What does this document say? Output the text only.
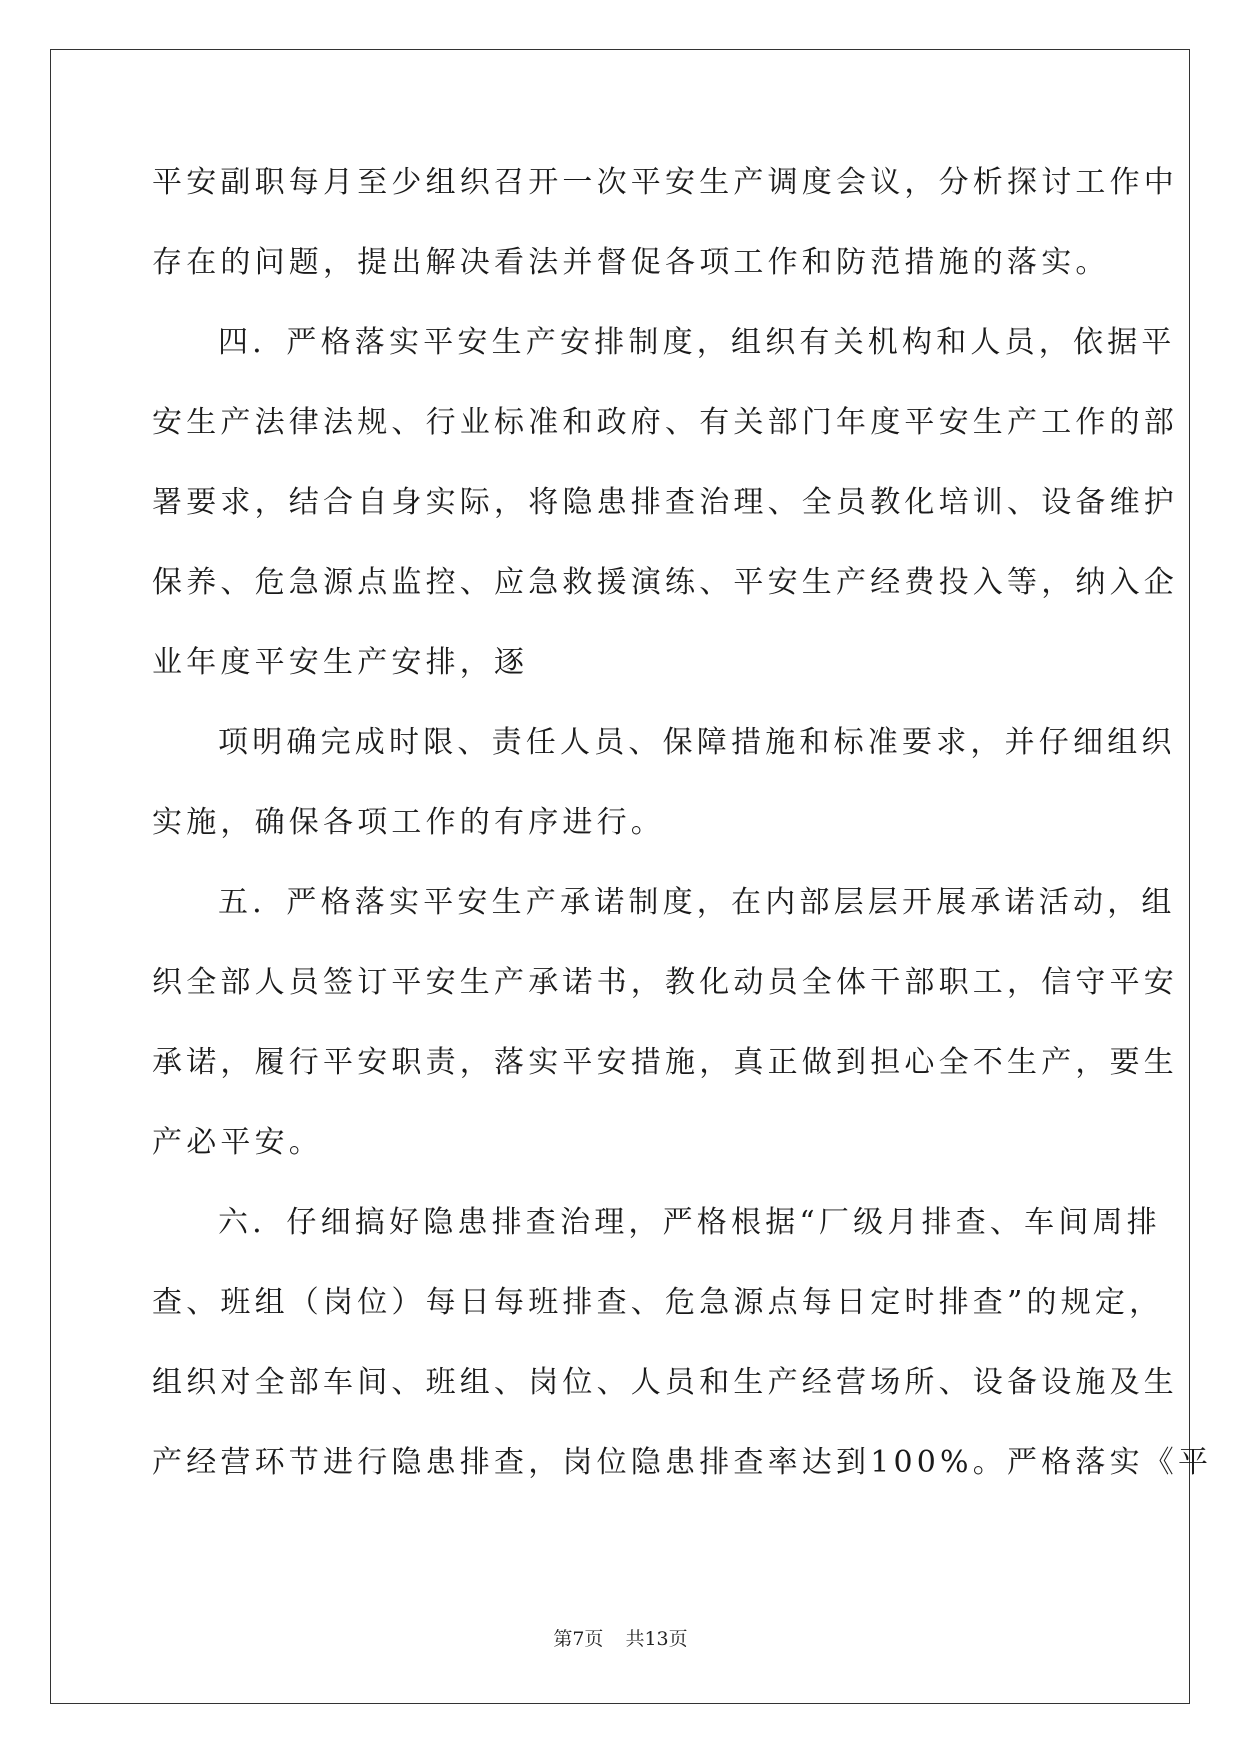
平安副职每月至少组织召开一次平安生产调度会议，分析探讨工作中
存在的问题，提出解决看法并督促各项工作和防范措施的落实。
四．严格落实平安生产安排制度，组织有关机构和人员，依据平
安生产法律法规、行业标准和政府、有关部门年度平安生产工作的部
署要求，结合自身实际，将隐患排查治理、全员教化培训、设备维护
保养、危急源点监控、应急救援演练、平安生产经费投入等，纳入企
业年度平安生产安排，逐
项明确完成时限、责任人员、保障措施和标准要求，并仔细组织
实施，确保各项工作的有序进行。
五．严格落实平安生产承诺制度，在内部层层开展承诺活动，组
织全部人员签订平安生产承诺书，教化动员全体干部职工，信守平安
承诺，履行平安职责，落实平安措施，真正做到担心全不生产，要生
产必平安。
六．仔细搞好隐患排查治理，严格根据“厂级月排查、车间周排
查、班组（岗位）每日每班排查、危急源点每日定时排查”的规定，
组织对全部车间、班组、岗位、人员和生产经营场所、设备设施及生
产经营环节进行隐患排查，岗位隐患排查率达到100%。严格落实《平
第7页 共13页
